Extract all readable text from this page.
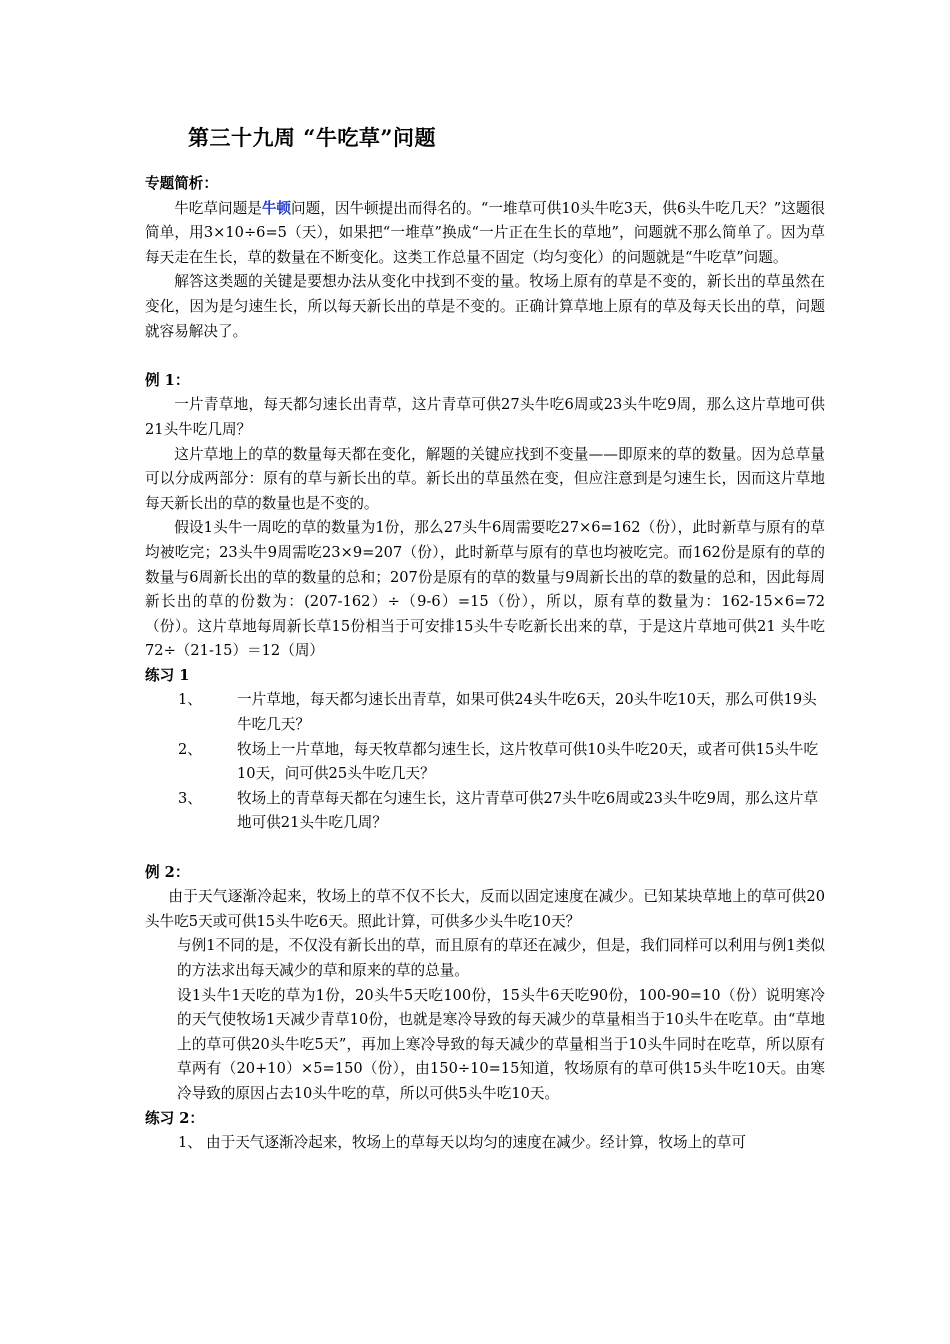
第三十九周 “牛吃草”问题
专题简析：
牛吃草问题是牛顿问题，因牛顿提出而得名的。“一堆草可供10头牛吃3天，供6头牛吃几天？”这题很简单，用3×10÷6=5（天），如果把“一堆草”换成“一片正在生长的草地”，问题就不那么简单了。因为草每天走在生长，草的数量在不断变化。这类工作总量不固定（均匀变化）的问题就是“牛吃草”问题。
解答这类题的关键是要想办法从变化中找到不变的量。牧场上原有的草是不变的，新长出的草虽然在变化，因为是匀速生长，所以每天新长出的草是不变的。正确计算草地上原有的草及每天长出的草，问题就容易解决了。
例 1：
一片青草地，每天都匀速长出青草，这片青草可供27头牛吃6周或23头牛吃9周，那么这片草地可供21头牛吃几周？
这片草地上的草的数量每天都在变化，解题的关键应找到不变量——即原来的草的数量。因为总草量可以分成两部分：原有的草与新长出的草。新长出的草虽然在变，但应注意到是匀速生长，因而这片草地每天新长出的草的数量也是不变的。
假设1头牛一周吃的草的数量为1份，那么27头牛6周需要吃27×6=162（份），此时新草与原有的草均被吃完；23头牛9周需吃23×9=207（份），此时新草与原有的草也均被吃完。而162份是原有的草的数量与6周新长出的草的数量的总和；207份是原有的草的数量与9周新长出的草的数量的总和，因此每周新长出的草的份数为：(207-162）÷（9-6）=15（份），所以，原有草的数量为：162-15×6=72（份）。这片草地每周新长草15份相当于可安排15头牛专吃新长出来的草，于是这片草地可供21 头牛吃 72÷（21-15）＝12（周）
练习 1
1、	一片草地，每天都匀速长出青草，如果可供24头牛吃6天，20头牛吃10天，那么可供19头牛吃几天？
2、	牧场上一片草地，每天牧草都匀速生长，这片牧草可供10头牛吃20天，或者可供15头牛吃10天，问可供25头牛吃几天？
3、	牧场上的青草每天都在匀速生长，这片青草可供27头牛吃6周或23头牛吃9周，那么这片草地可供21头牛吃几周？
例 2：
由于天气逐渐冷起来，牧场上的草不仅不长大，反而以固定速度在减少。已知某块草地上的草可供20头牛吃5天或可供15头牛吃6天。照此计算，可供多少头牛吃10天？
与例1不同的是，不仅没有新长出的草，而且原有的草还在减少，但是，我们同样可以利用与例1类似的方法求出每天减少的草和原来的草的总量。
设1头牛1天吃的草为1份，20头牛5天吃100份，15头牛6天吃90份，100-90=10（份）说明寒冷的天气使牧场1天减少青草10份，也就是寒冷导致的每天减少的草量相当于10头牛在吃草。由“草地上的草可供20头牛吃5天”，再加上寒冷导致的每天减少的草量相当于10头牛同时在吃草，所以原有草两有（20+10）×5=150（份），由150÷10=15知道，牧场原有的草可供15头牛吃10天。由寒冷导致的原因占去10头牛吃的草，所以可供5头牛吃10天。
练习 2：
1、 由于天气逐渐冷起来，牧场上的草每天以均匀的速度在减少。经计算，牧场上的草可
